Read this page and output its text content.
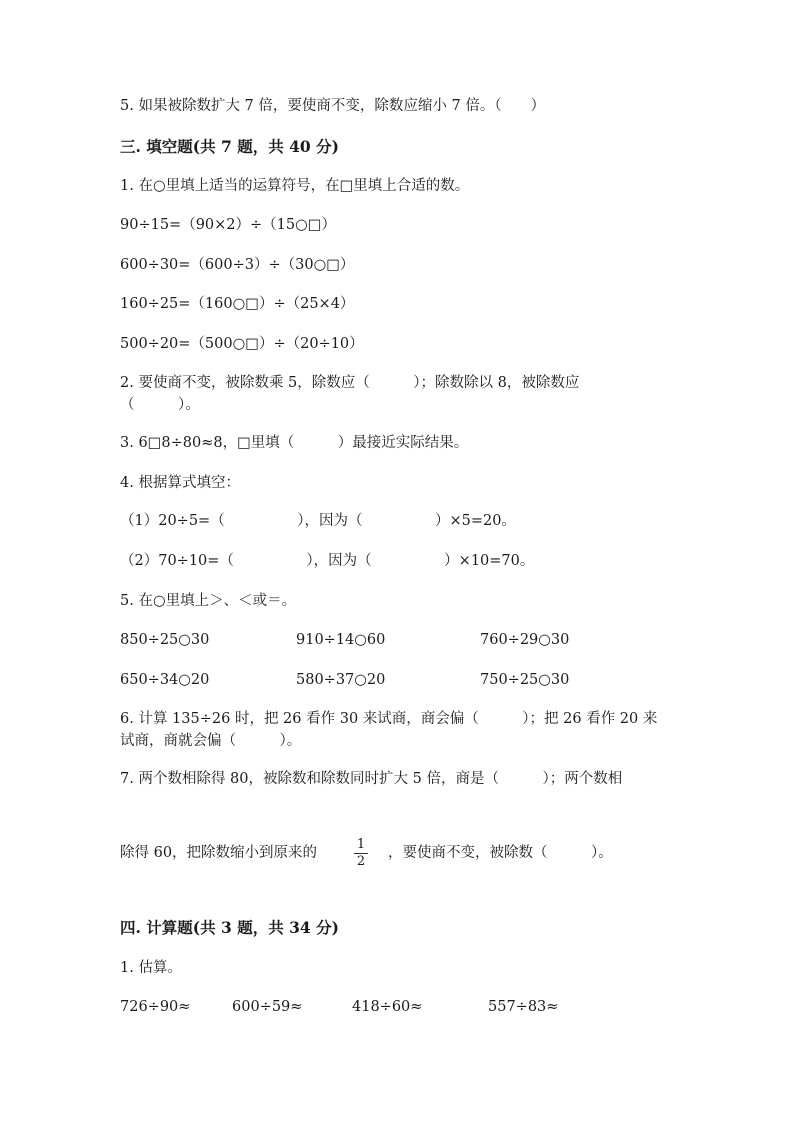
5. 如果被除数扩大 7 倍，要使商不变，除数应缩小 7 倍。（　　）
三. 填空题(共 7 题，共 40 分)
1. 在○里填上适当的运算符号，在□里填上合适的数。
90÷15=（90×2）÷（15○□）
600÷30=（600÷3）÷（30○□）
160÷25=（160○□）÷（25×4）
500÷20=（500○□）÷（20÷10）
2. 要使商不变，被除数乘 5，除数应（　　　）；除数除以 8，被除数应
（　　　）。
3. 6□8÷80≈8，□里填（　　　）最接近实际结果。
4. 根据算式填空：
（1）20÷5=（　　　　　），因为（　　　　　）×5=20。
（2）70÷10=（　　　　　），因为（　　　　　）×10=70。
5. 在○里填上＞、＜或＝。
850÷25○30	910÷14○60	760÷29○30
650÷34○20	580÷37○20	750÷25○30
6. 计算 135÷26 时，把 26 看作 30 来试商，商会偏（　　　）；把 26 看作 20 来
试商，商就会偏（　　　）。
7. 两个数相除得 80，被除数和除数同时扩大 5 倍，商是（　　　）；两个数相
除得 60，把除数缩小到原来的
1
2
，要使商不变，被除数（　　　）。
四. 计算题(共 3 题，共 34 分)
1. 估算。
726÷90≈	600÷59≈	418÷60≈	557÷83≈
